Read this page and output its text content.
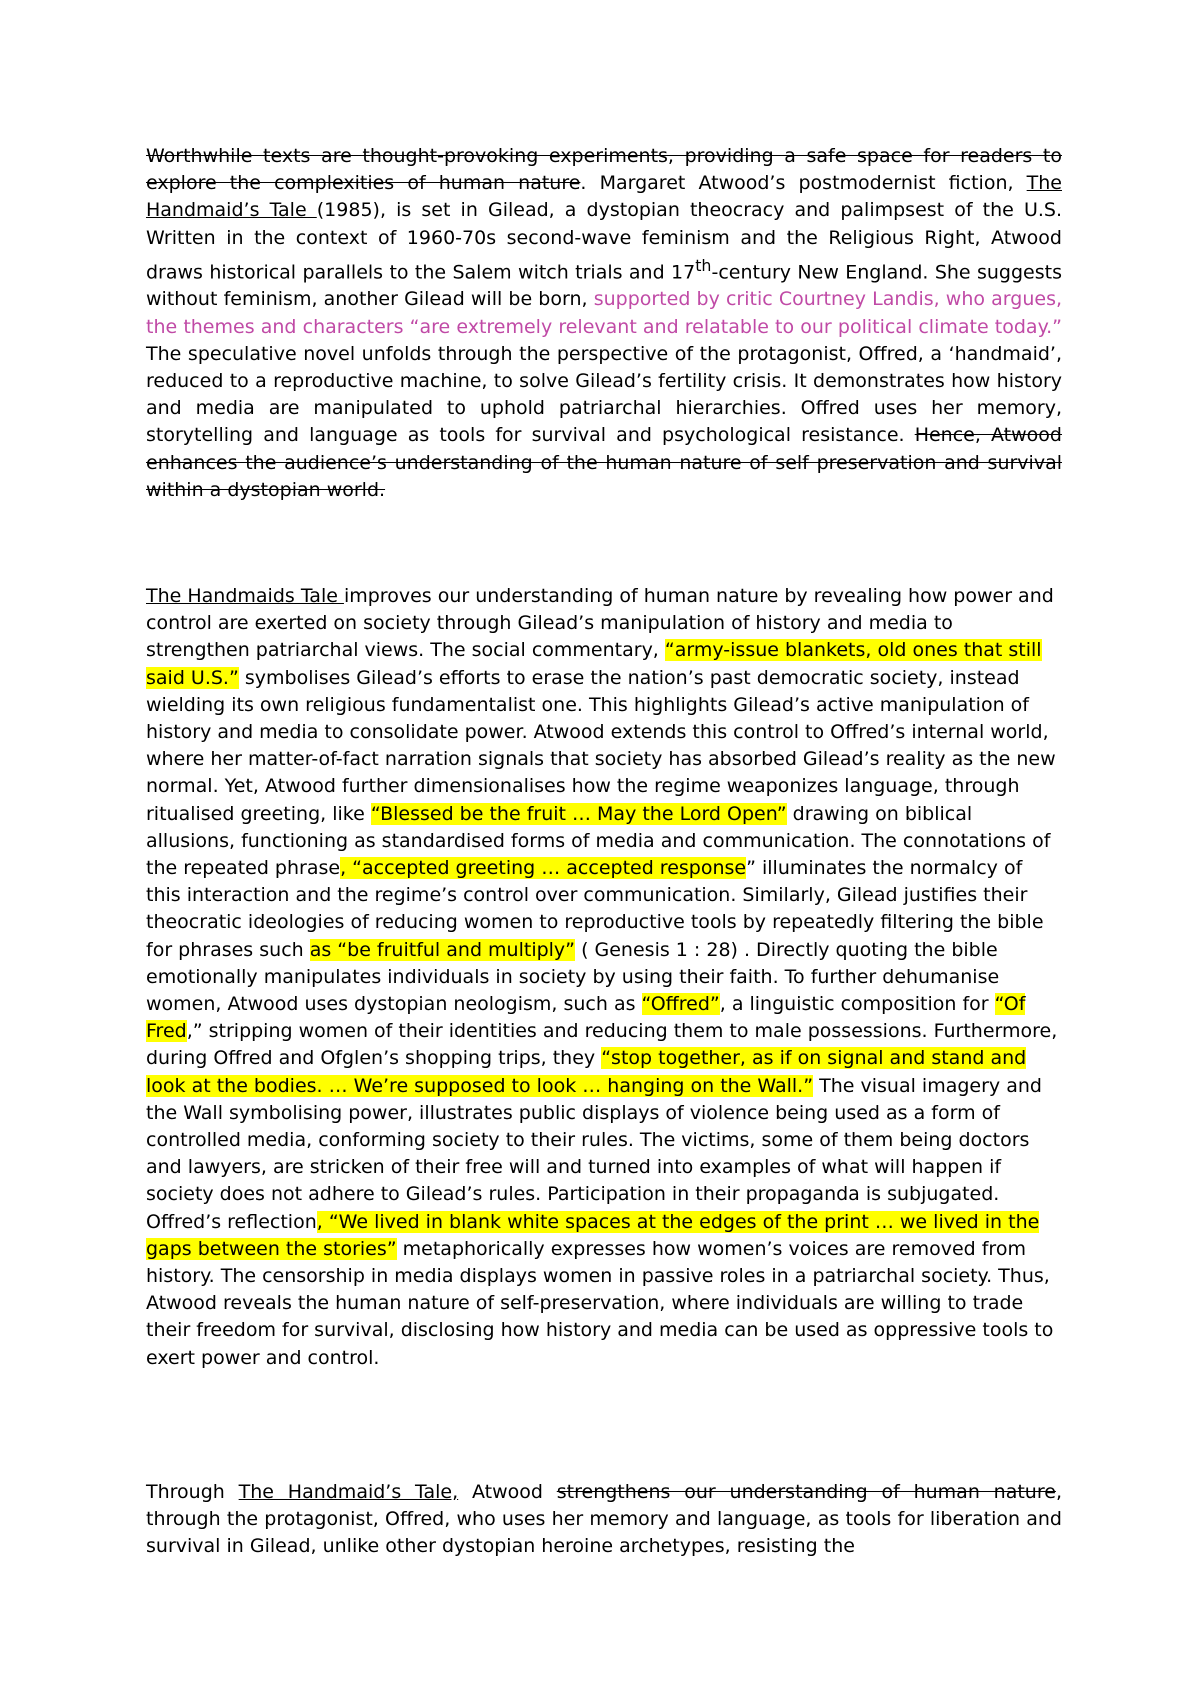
Worthwhile texts are thought-provoking experiments, providing a safe space for readers to explore the complexities of human nature. Margaret Atwood’s postmodernist fiction, The Handmaid’s Tale (1985), is set in Gilead, a dystopian theocracy and palimpsest of the U.S. Written in the context of 1960-70s second-wave feminism and the Religious Right, Atwood draws historical parallels to the Salem witch trials and 17th-century New England. She suggests without feminism, another Gilead will be born, supported by critic Courtney Landis, who argues, the themes and characters “are extremely relevant and relatable to our political climate today.” The speculative novel unfolds through the perspective of the protagonist, Offred, a ‘handmaid’, reduced to a reproductive machine, to solve Gilead’s fertility crisis. It demonstrates how history and media are manipulated to uphold patriarchal hierarchies. Offred uses her memory, storytelling and language as tools for survival and psychological resistance. Hence, Atwood enhances the audience’s understanding of the human nature of self preservation and survival within a dystopian world.

The Handmaids Tale improves our understanding of human nature by revealing how power and control are exerted on society through Gilead’s manipulation of history and media to strengthen patriarchal views. The social commentary, “army-issue blankets, old ones that still said U.S.” symbolises Gilead’s efforts to erase the nation’s past democratic society, instead wielding its own religious fundamentalist one. This highlights Gilead’s active manipulation of history and media to consolidate power. Atwood extends this control to Offred’s internal world, where her matter-of-fact narration signals that society has absorbed Gilead’s reality as the new normal. Yet, Atwood further dimensionalises how the regime weaponizes language, through ritualised greeting, like “Blessed be the fruit … May the Lord Open” drawing on biblical allusions, functioning as standardised forms of media and communication. The connotations of the repeated phrase, “accepted greeting … accepted response” illuminates the normalcy of this interaction and the regime’s control over communication. Similarly, Gilead justifies their theocratic ideologies of reducing women to reproductive tools by repeatedly filtering the bible for phrases such as “be fruitful and multiply” ( Genesis 1 : 28) . Directly quoting the bible emotionally manipulates individuals in society by using their faith. To further dehumanise women, Atwood uses dystopian neologism, such as “Offred”, a linguistic composition for “Of Fred,” stripping women of their identities and reducing them to male possessions. Furthermore, during Offred and Ofglen’s shopping trips, they “stop together, as if on signal and stand and look at the bodies. … We’re supposed to look … hanging on the Wall.” The visual imagery and the Wall symbolising power, illustrates public displays of violence being used as a form of controlled media, conforming society to their rules. The victims, some of them being doctors and lawyers, are stricken of their free will and turned into examples of what will happen if society does not adhere to Gilead’s rules. Participation in their propaganda is subjugated. Offred’s reflection, “We lived in blank white spaces at the edges of the print … we lived in the gaps between the stories” metaphorically expresses how women’s voices are removed from history. The censorship in media displays women in passive roles in a patriarchal society. Thus, Atwood reveals the human nature of self-preservation, where individuals are willing to trade their freedom for survival, disclosing how history and media can be used as oppressive tools to exert power and control.

Through The Handmaid’s Tale, Atwood strengthens our understanding of human nature, through the protagonist, Offred, who uses her memory and language, as tools for liberation and survival in Gilead, unlike other dystopian heroine archetypes, resisting the
